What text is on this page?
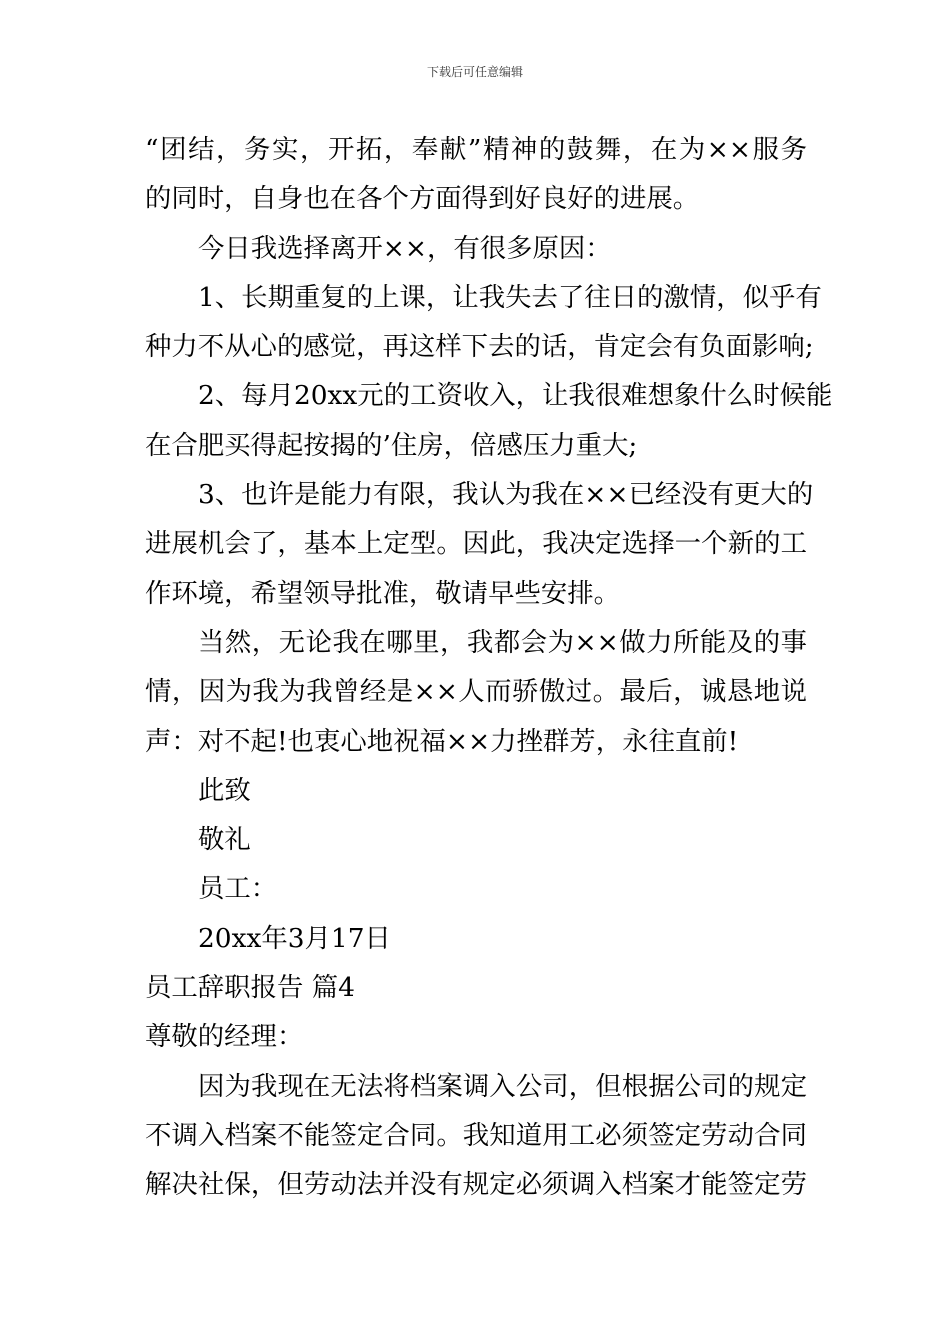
下载后可任意编辑
“团结，务实，开拓，奉献”精神的鼓舞，在为××服务
的同时，自身也在各个方面得到好良好的进展。
今日我选择离开××，有很多原因：
1、长期重复的上课，让我失去了往日的激情，似乎有
种力不从心的感觉，再这样下去的话，肯定会有负面影响;
2、每月20xx元的工资收入，让我很难想象什么时候能
在合肥买得起按揭的’住房，倍感压力重大;
3、也许是能力有限，我认为我在××已经没有更大的
进展机会了，基本上定型。因此，我决定选择一个新的工
作环境，希望领导批准，敬请早些安排。
当然，无论我在哪里，我都会为××做力所能及的事
情，因为我为我曾经是××人而骄傲过。最后，诚恳地说
声：对不起!也衷心地祝福××力挫群芳，永往直前!
此致
敬礼
员工：
20xx年3月17日
员工辞职报告 篇4
尊敬的经理：
因为我现在无法将档案调入公司，但根据公司的规定
不调入档案不能签定合同。我知道用工必须签定劳动合同
解决社保，但劳动法并没有规定必须调入档案才能签定劳
